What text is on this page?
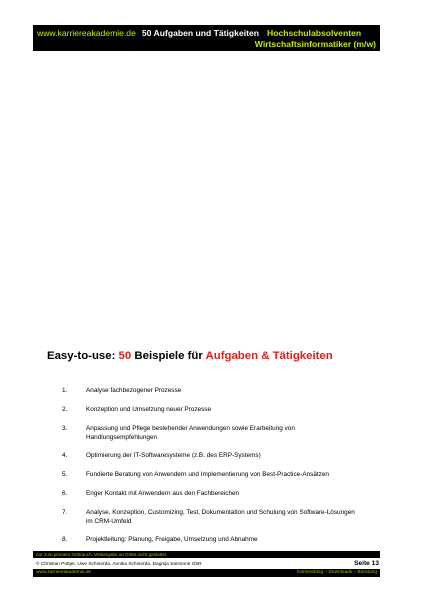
www.karriereakademie.de 50 Aufgaben und Tätigkeiten Hochschulabsolventen
Wirtschaftsinformatiker (m/w)
Easy-to-use: 50 Beispiele für Aufgaben & Tätigkeiten
1.	Analyse fachbezogener Prozesse
2.	Konzeption und Umsetzung neuer Prozesse
3.	Anpassung und Pflege bestehender Anwendungen sowie Erarbeitung von Handlungsempfehlungen
4.	Optimierung der IT-Softwaresysteme (z.B. des ERP-Systems)
5.	Fundierte Beratung von Anwendern und Implementierung von Best-Practice-Ansätzen
6.	Enger Kontakt mit Anwendern aus den Fachbereichen
7.	Analyse, Konzeption, Customizing, Test, Dokumentation und Schulung von Software-Lösungen im CRM-Umfeld
8.	Projektleitung: Planung, Freigabe, Umsetzung und Abnahme
nur zum privaten Gebrauch, Weitergabe an Dritte nicht gestattet
© Christian Püttjer, Uwe Schnierda, Annika Schnierda, Dagnija Samsone GbR	Seite 13
www.karriereakademie.de	Karriereblog – Downloads – Beratung
